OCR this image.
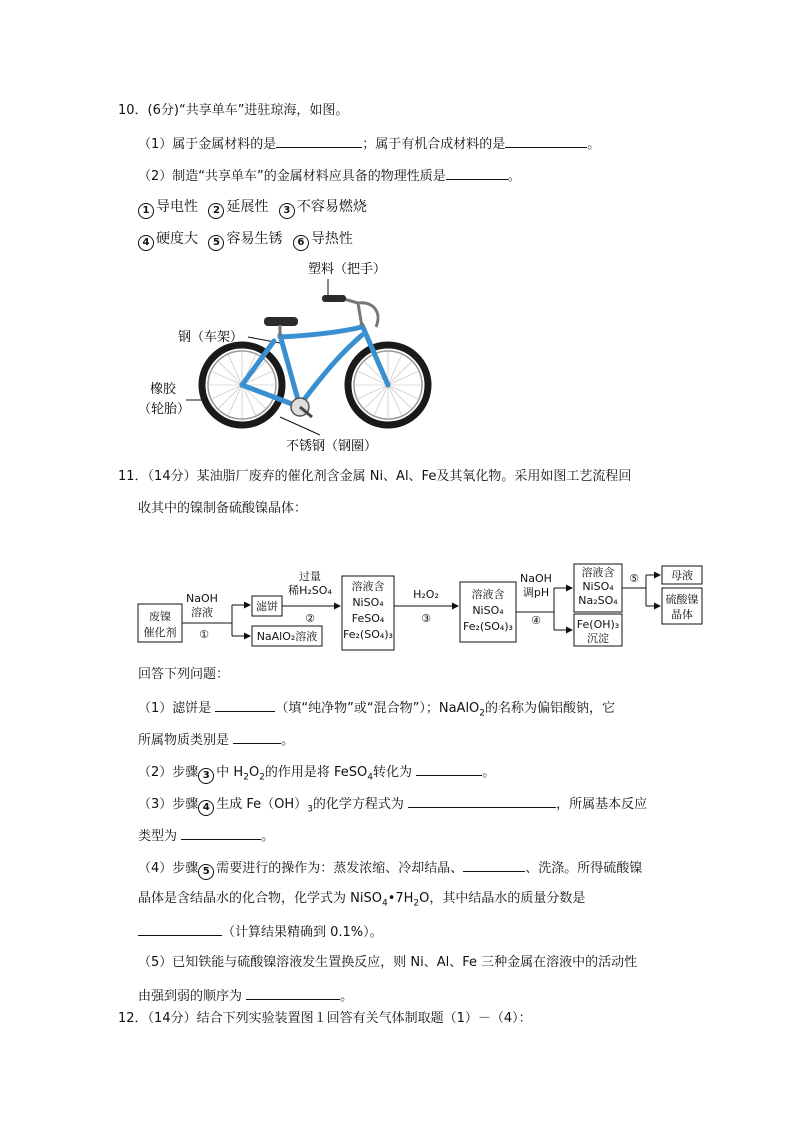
10．(6分)“共享单车”进驻琼海，如图。
（1）属于金属材料的是	；属于有机合成材料的是	。
（2）制造“共享单车”的金属材料应具备的物理性质是	。
1 导电性 2 延展性 3 不容易燃烧
4 硬度大 5 容易生锈 6 导热性
塑料（把手）
钢（车架）
橡胶
（轮胎）
不锈钢（钢圈）
11．（14分）某油脂厂废弃的催化剂含金属 Ni、Al、Fe及其氧化物。采用如图工艺流程回
收其中的镍制备硫酸镍晶体：
废镍
催化剂
NaOH
溶液
①
滤饼
NaAlO₂溶液
过量
稀H₂SO₄
②
溶液含
NiSO₄
FeSO₄
Fe₂(SO₄)₃
H₂O₂
③
溶液含
NiSO₄
Fe₂(SO₄)₃
NaOH
调pH
④
溶液含
NiSO₄
Na₂SO₄
Fe(OH)₃
沉淀
⑤	母液
硫酸镍
晶体
回答下列问题：
（1）滤饼是	（填“纯净物”或“混合物”）；NaAlO$_2$的名称为偏铝酸钠，它
所属物质类别是	。
（2）步骤 3 中 $H_2O_2$的作用是将 FeSO$_4$转化为	。
（3）步骤 4 生成 $Fe(OH)_3$的化学方程式为	，所属基本反应
类型为	。
（4）步骤 5 需要进行的操作为：蒸发浓缩、冷却结晶、	、洗涤。所得硫酸镍
晶体是含结晶水的化合物，化学式为 $NiSO_4•7H_2O$，其中结晶水的质量分数是
（计算结果精确到 0.1%）。
（5）已知铁能与硫酸镍溶液发生置换反应，则 Ni、Al、Fe 三种金属在溶液中的活动性
由强到弱的顺序为	。
12．（14分）结合下列实验装置图１回答有关气体制取题（1）－（4）：
